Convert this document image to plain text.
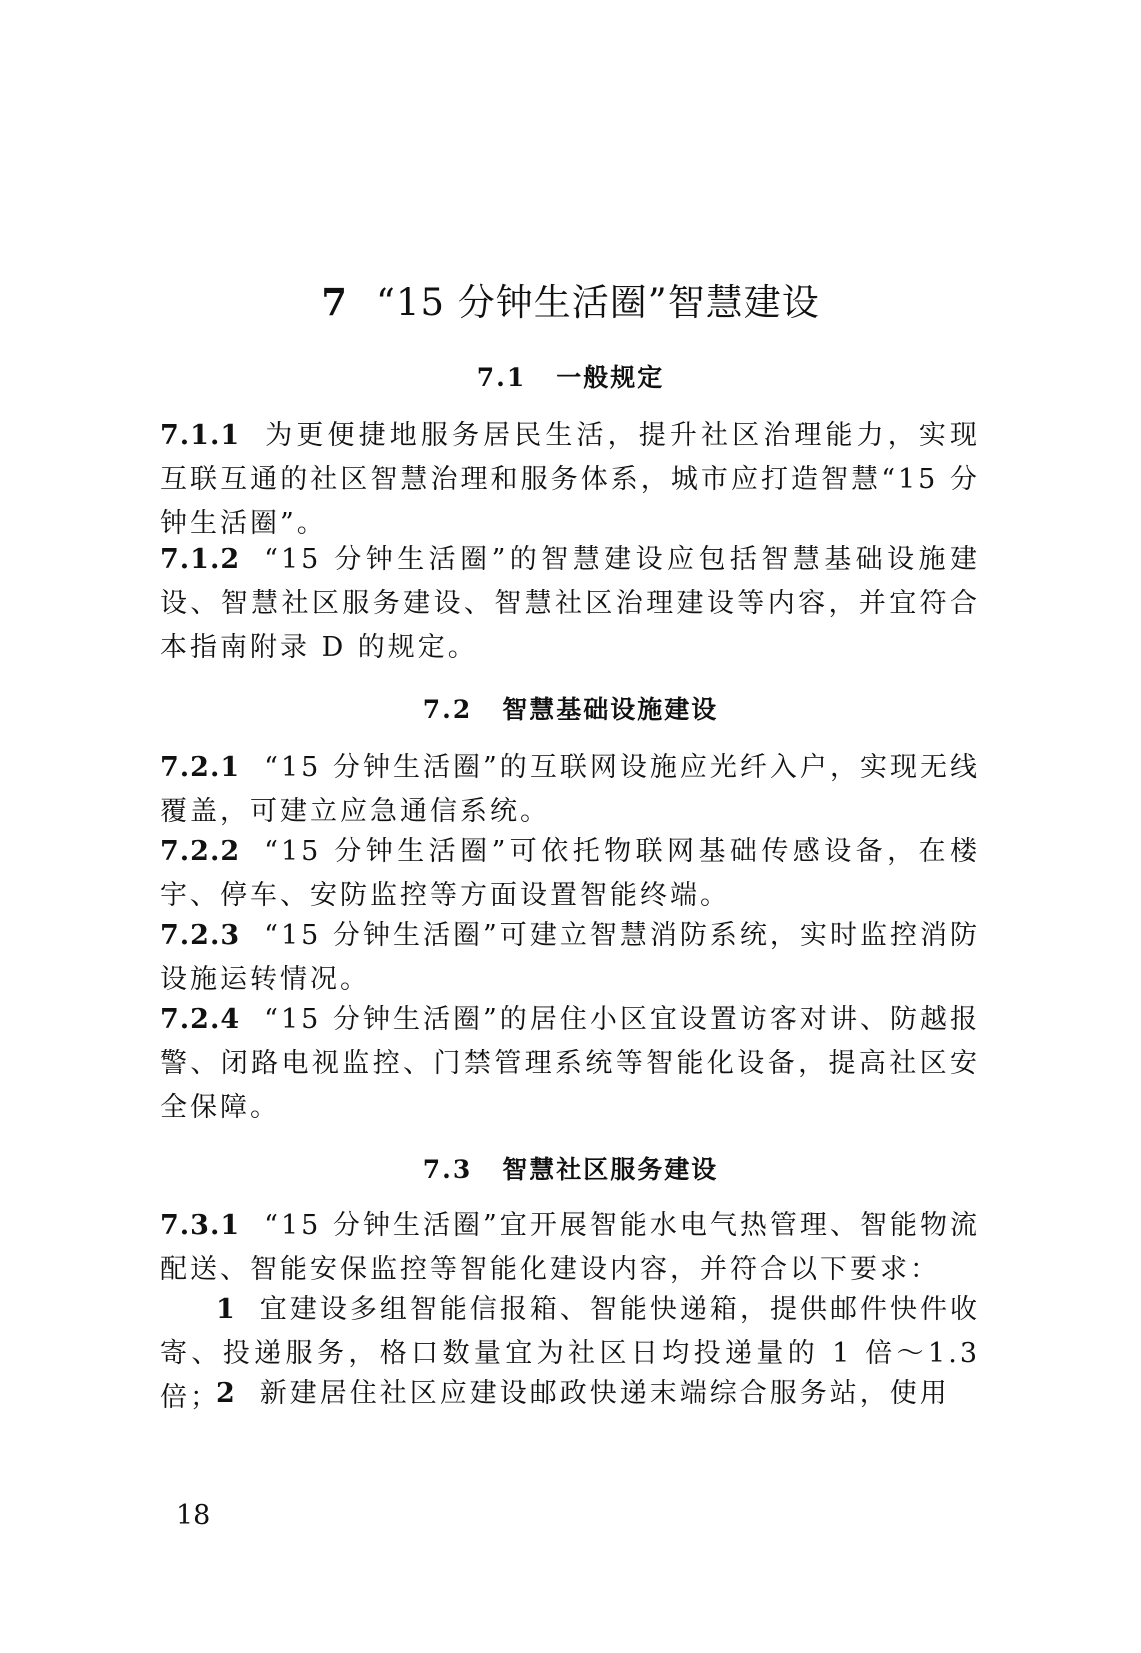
7 “15 分钟生活圈”智慧建设
7.1 一般规定

7.1.1 为更便捷地服务居民生活，提升社区治理能力，实现互联互通的社区智慧治理和服务体系，城市应打造智慧“15 分钟生活圈”。

7.1.2 “15 分钟生活圈”的智慧建设应包括智慧基础设施建设、智慧社区服务建设、智慧社区治理建设等内容，并宜符合本指南附录 D 的规定。

7.2 智慧基础设施建设

7.2.1 “15 分钟生活圈”的互联网设施应光纤入户，实现无线覆盖，可建立应急通信系统。

7.2.2 “15 分钟生活圈”可依托物联网基础传感设备，在楼宇、停车、安防监控等方面设置智能终端。

7.2.3 “15 分钟生活圈”可建立智慧消防系统，实时监控消防设施运转情况。

7.2.4 “15 分钟生活圈”的居住小区宜设置访客对讲、防越报警、闭路电视监控、门禁管理系统等智能化设备，提高社区安全保障。

7.3 智慧社区服务建设

7.3.1 “15 分钟生活圈”宜开展智能水电气热管理、智能物流配送、智能安保监控等智能化建设内容，并符合以下要求：

1 宜建设多组智能信报箱、智能快递箱，提供邮件快件收寄、投递服务，格口数量宜为社区日均投递量的 1 倍～1.3 倍；

2 新建居住社区应建设邮政快递末端综合服务站，使用

18
